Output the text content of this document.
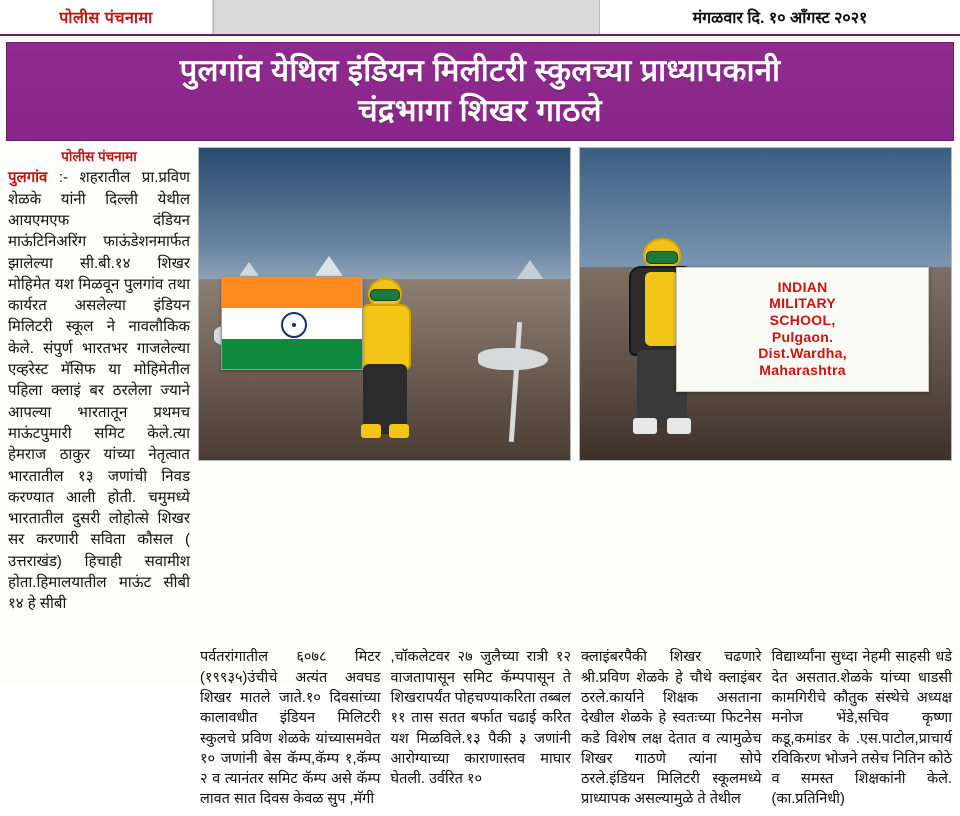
पोलीस पंचनामा	मंगळवार दि. १० आँगस्ट २०२१
पुलगांव येथिल इंडियन मिलीटरी स्कुलच्या प्राध्यापकानी
चंद्रभागा शिखर गाठले
पोलीस पंचनामा
पुलगांव :- शहरातील प्रा.प्रविण शेळके यांनी दिल्ली येथील आयएमएफ दंडियन माऊंटिनिअरिंग फाऊंडेशनमार्फत झालेल्या सी.बी.१४ शिखर मोहिमेत यश मिळवून पुलगांव तथा कार्यरत असलेल्या इंडियन मिलिटरी स्कूल ने नावलौकिक केले. संपुर्ण भारतभर गाजलेल्या एव्हरेस्ट मॅसिफ या मोहिमेतील पहिला क्लाइं बर ठरलेला ज्याने आपल्या भारतातून प्रथमच माऊंटपुमारी समिट केले.त्या हेमराज ठाकुर यांच्या नेतृत्वात भारतातील १३ जणांची निवड करण्यात आली होती. चमुमध्ये भारतातील दुसरी लोहोत्से शिखर सर करणारी सविता कौसल ( उत्तराखंड) हिचाही सवामीश होता.हिमालयातील माऊंट सीबी १४ हे सीबी
INDIAN
MILITARY
SCHOOL,
Pulgaon.
Dist.Wardha,
Maharashtra
पर्वतरांगातील ६०७८ मिटर (१९९३५)उंचीचे अत्यंत अवघड शिखर मातले जाते.१० दिवसांच्या कालावधीत इंडियन मिलिटरी स्कुलचे प्रविण शेळके यांच्यासमवेत १० जणांनी बेस कॅम्प,कॅम्प १,कॅम्प २ व त्यानंतर समिट कॅम्प असे कॅम्प लावत सात दिवस केवळ सुप ,मॅगी
,चॉकलेटवर २७ जुलैच्या रात्री १२ वाजतापासून समिट कॅम्पपासून ते शिखरापर्यंत पोहचण्याकरिता तब्बल ११ तास सतत बर्फात चढाई करित यश मिळविले.१३ पैकी ३ जणांनी आरोग्याच्या काराणास्तव माघार घेतली. उर्वरित १०
क्लाइंबरपैकी शिखर चढणारे श्री.प्रविण शेळके हे चौथे क्लाइंबर ठरले.कार्याने शिक्षक असताना देखील शेळके हे स्वतःच्या फिटनेस कडे विशेष लक्ष देतात व त्यामुळेच शिखर गाठणे त्यांना सोपे ठरले.इंडियन मिलिटरी स्कूलमध्ये प्राध्यापक असल्यामुळे ते तेथील
विद्यार्थ्यांना सुध्दा नेहमी साहसी धडे देत असतात.शेळके यांच्या धाडसी कामगिरीचे कौतुक संस्थेचे अध्यक्ष मनोज भेंडे,सचिव कृष्णा कडू,कमांडर के .एस.पाटोल,प्राचार्य रविकिरण भोजने तसेच नितिन कोठे व समस्त शिक्षकांनी केले. (का.प्रतिनिधी)
